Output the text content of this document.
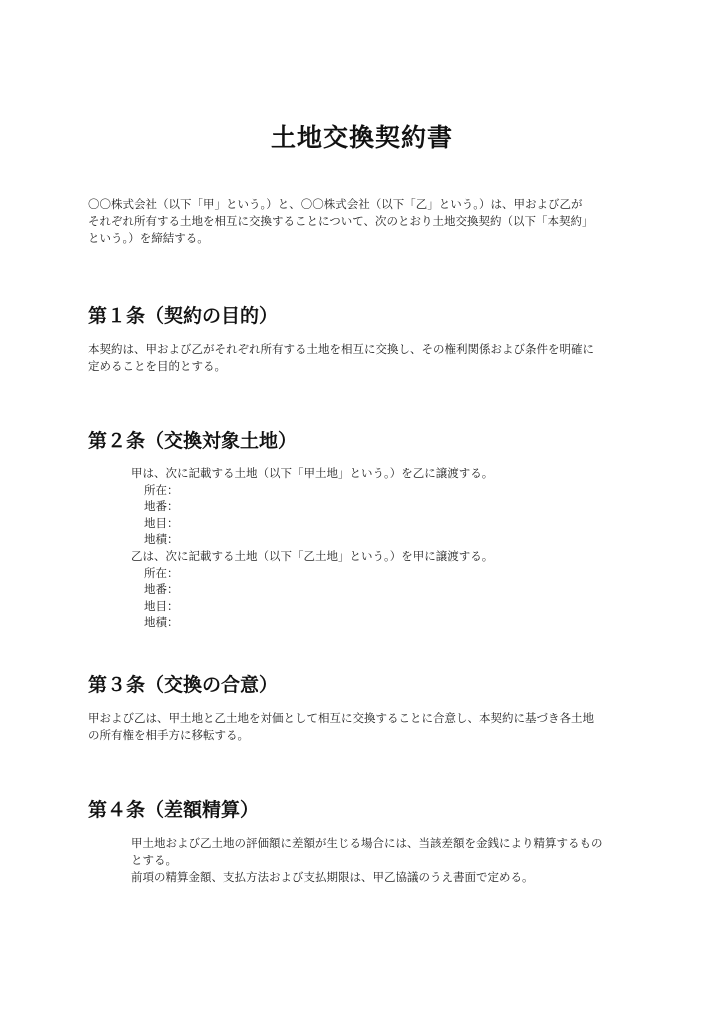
土地交換契約書
〇〇株式会社（以下「甲」という。）と、〇〇株式会社（以下「乙」という。）は、甲および乙が
それぞれ所有する土地を相互に交換することについて、次のとおり土地交換契約（以下「本契約」
という。）を締結する。
第１条（契約の目的）
本契約は、甲および乙がそれぞれ所有する土地を相互に交換し、その権利関係および条件を明確に
定めることを目的とする。
第２条（交換対象土地）
甲は、次に記載する土地（以下「甲土地」という。）を乙に譲渡する。
所在：
地番：
地目：
地積：
乙は、次に記載する土地（以下「乙土地」という。）を甲に譲渡する。
所在：
地番：
地目：
地積：
第３条（交換の合意）
甲および乙は、甲土地と乙土地を対価として相互に交換することに合意し、本契約に基づき各土地
の所有権を相手方に移転する。
第４条（差額精算）
甲土地および乙土地の評価額に差額が生じる場合には、当該差額を金銭により精算するもの
とする。
前項の精算金額、支払方法および支払期限は、甲乙協議のうえ書面で定める。
